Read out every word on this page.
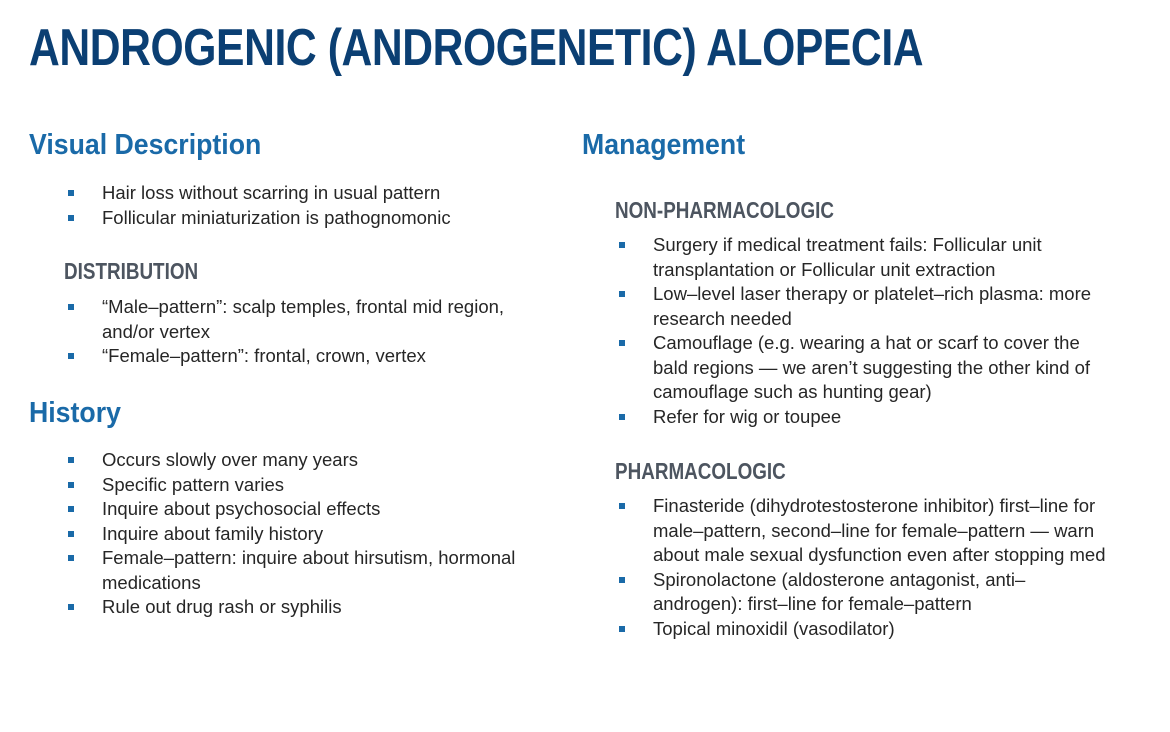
ANDROGENIC (ANDROGENETIC) ALOPECIA
Visual Description
Hair loss without scarring in usual pattern
Follicular miniaturization is pathognomonic
DISTRIBUTION
“Male–pattern”: scalp temples, frontal mid region, and/or vertex
“Female–pattern”: frontal, crown, vertex
History
Occurs slowly over many years
Specific pattern varies
Inquire about psychosocial effects
Inquire about family history
Female–pattern: inquire about hirsutism, hormonal medications
Rule out drug rash or syphilis
Management
NON-PHARMACOLOGIC
Surgery if medical treatment fails: Follicular unit transplantation or Follicular unit extraction
Low–level laser therapy or platelet–rich plasma: more research needed
Camouflage (e.g. wearing a hat or scarf to cover the bald regions — we aren’t suggesting the other kind of camouflage such as hunting gear)
Refer for wig or toupee
PHARMACOLOGIC
Finasteride (dihydrotestosterone inhibitor) first–line for male–pattern, second–line for female–pattern — warn about male sexual dysfunction even after stopping med
Spironolactone (aldosterone antagonist, anti–androgen): first–line for female–pattern
Topical minoxidil (vasodilator)
